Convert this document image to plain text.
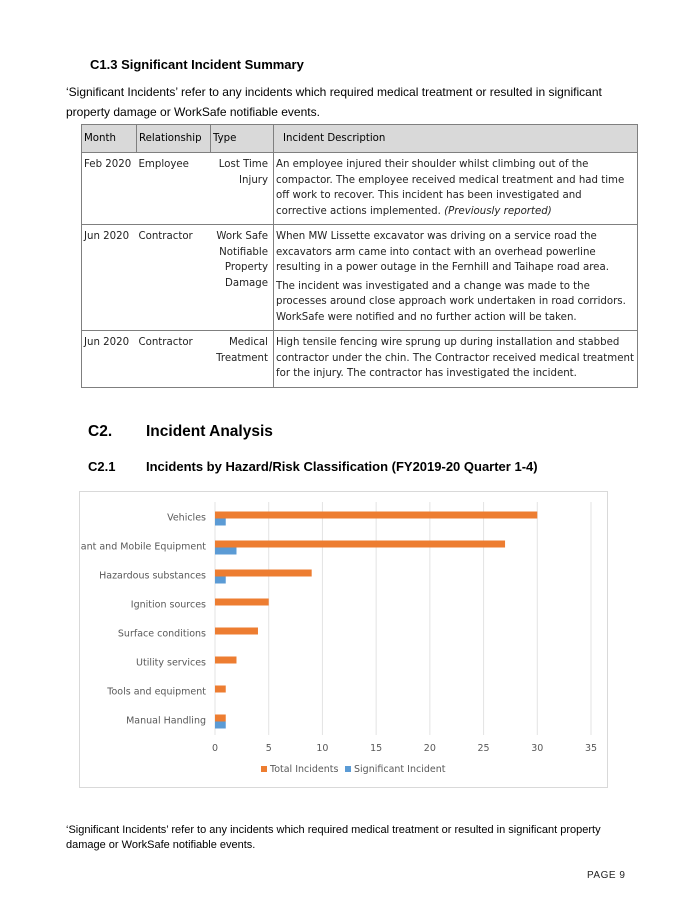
C1.3 Significant Incident Summary
‘Significant Incidents’ refer to any incidents which required medical treatment or resulted in significant property damage or WorkSafe notifiable events.
Month	Relationship	Type	Incident Description
Feb 2020	Employee	Lost Time Injury	An employee injured their shoulder whilst climbing out of the compactor. The employee received medical treatment and had time off work to recover. This incident has been investigated and corrective actions implemented. (Previously reported)
Jun 2020	Contractor	Work Safe Notifiable Property Damage	When MW Lissette excavator was driving on a service road the excavators arm came into contact with an overhead powerline resulting in a power outage in the Fernhill and Taihape road area.
The incident was investigated and a change was made to the processes around close approach work undertaken in road corridors. WorkSafe were notified and no further action will be taken.

Jun 2020	Contractor	Medical Treatment	High tensile fencing wire sprung up during installation and stabbed contractor under the chin. The Contractor received medical treatment for the injury. The contractor has investigated the incident.
C2. Incident Analysis
C2.1 Incidents by Hazard/Risk Classification (FY2019-20 Quarter 1-4)
0	5	10	15	20	25	30	35
Vehicles
Plant and Mobile Equipment
Hazardous substances
Ignition sources
Surface conditions
Utility services
Tools and equipment
Manual Handling
Total Incidents Significant Incident
‘Significant Incidents’ refer to any incidents which required medical treatment or resulted in significant property damage or WorkSafe notifiable events.
PAGE 9
